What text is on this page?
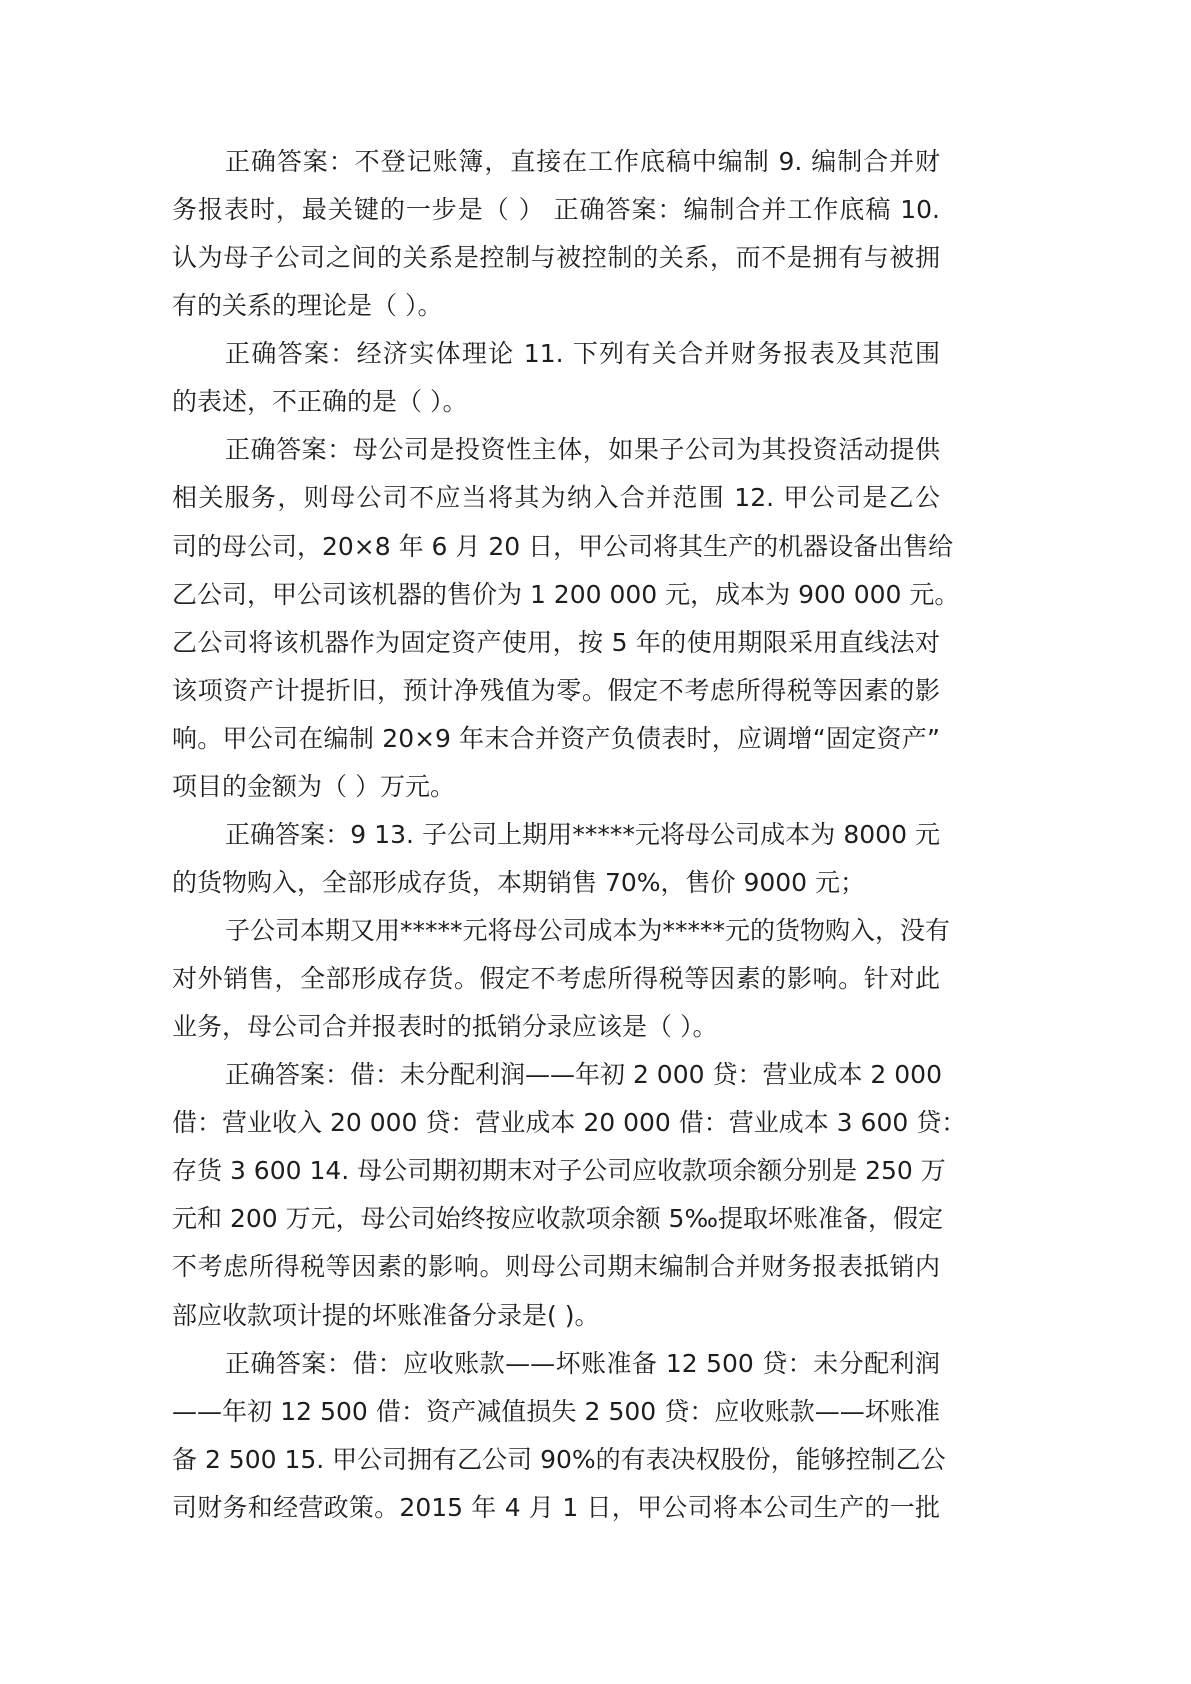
正确答案：不登记账簿，直接在工作底稿中编制 9. 编制合并财
务报表时，最关键的一步是（ ） 正确答案：编制合并工作底稿 10.
认为母子公司之间的关系是控制与被控制的关系，而不是拥有与被拥
有的关系的理论是（ ）。
正确答案：经济实体理论 11. 下列有关合并财务报表及其范围
的表述，不正确的是（ ）。
正确答案：母公司是投资性主体，如果子公司为其投资活动提供
相关服务，则母公司不应当将其为纳入合并范围 12. 甲公司是乙公
司的母公司，20×8 年 6 月 20 日，甲公司将其生产的机器设备出售给
乙公司，甲公司该机器的售价为 1 200 000 元，成本为 900 000 元。
乙公司将该机器作为固定资产使用，按 5 年的使用期限采用直线法对
该项资产计提折旧，预计净残值为零。假定不考虑所得税等因素的影
响。甲公司在编制 20×9 年末合并资产负债表时，应调增“固定资产”
项目的金额为（ ）万元。
正确答案：9 13. 子公司上期用*****元将母公司成本为 8000 元
的货物购入，全部形成存货，本期销售 70%，售价 9000 元；
子公司本期又用*****元将母公司成本为*****元的货物购入，没有
对外销售，全部形成存货。假定不考虑所得税等因素的影响。针对此
业务，母公司合并报表时的抵销分录应该是（ ）。
正确答案：借：未分配利润——年初 2 000 贷：营业成本 2 000
借：营业收入 20 000 贷：营业成本 20 000 借：营业成本 3 600 贷：
存货 3 600 14. 母公司期初期末对子公司应收款项余额分别是 250 万
元和 200 万元，母公司始终按应收款项余额 5‰提取坏账准备，假定
不考虑所得税等因素的影响。则母公司期末编制合并财务报表抵销内
部应收款项计提的坏账准备分录是( )。
正确答案：借：应收账款——坏账准备 12 500 贷：未分配利润
——年初 12 500 借：资产减值损失 2 500 贷：应收账款——坏账准
备 2 500 15. 甲公司拥有乙公司 90%的有表决权股份，能够控制乙公
司财务和经营政策。2015 年 4 月 1 日，甲公司将本公司生产的一批
